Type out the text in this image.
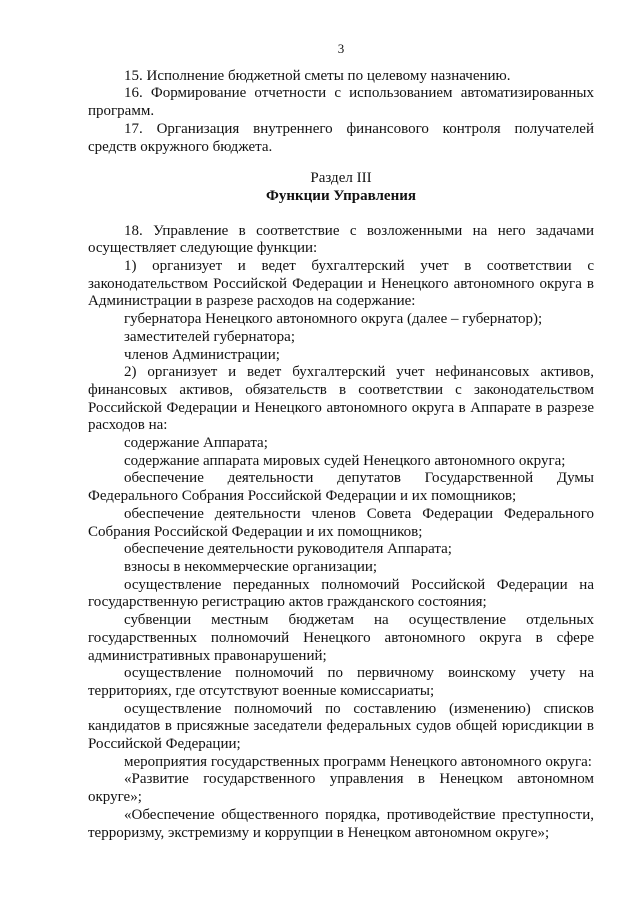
3

15. Исполнение бюджетной сметы по целевому назначению.

16. Формирование отчетности с использованием автоматизированных программ.

17. Организация внутреннего финансового контроля получателей средств окружного бюджета.

Раздел III
Функции Управления

18. Управление в соответствие с возложенными на него задачами осуществляет следующие функции:

1) организует и ведет бухгалтерский учет в соответствии с законодательством Российской Федерации и Ненецкого автономного округа в Администрации в разрезе расходов на содержание:

губернатора Ненецкого автономного округа (далее – губернатор);

заместителей губернатора;

членов Администрации;

2) организует и ведет бухгалтерский учет нефинансовых активов, финансовых активов, обязательств в соответствии с законодательством Российской Федерации и Ненецкого автономного округа в Аппарате в разрезе расходов на:

содержание Аппарата;

содержание аппарата мировых судей Ненецкого автономного округа;

обеспечение деятельности депутатов Государственной Думы Федерального Собрания Российской Федерации и их помощников;

обеспечение деятельности членов Совета Федерации Федерального Собрания Российской Федерации и их помощников;

обеспечение деятельности руководителя Аппарата;

взносы в некоммерческие организации;

осуществление переданных полномочий Российской Федерации на государственную регистрацию актов гражданского состояния;

субвенции местным бюджетам на осуществление отдельных государственных полномочий Ненецкого автономного округа в сфере административных правонарушений;

осуществление полномочий по первичному воинскому учету на территориях, где отсутствуют военные комиссариаты;

осуществление полномочий по составлению (изменению) списков кандидатов в присяжные заседатели федеральных судов общей юрисдикции в Российской Федерации;

мероприятия государственных программ Ненецкого автономного округа:

«Развитие государственного управления в Ненецком автономном округе»;

«Обеспечение общественного порядка, противодействие преступности, терроризму, экстремизму и коррупции в Ненецком автономном округе»;
